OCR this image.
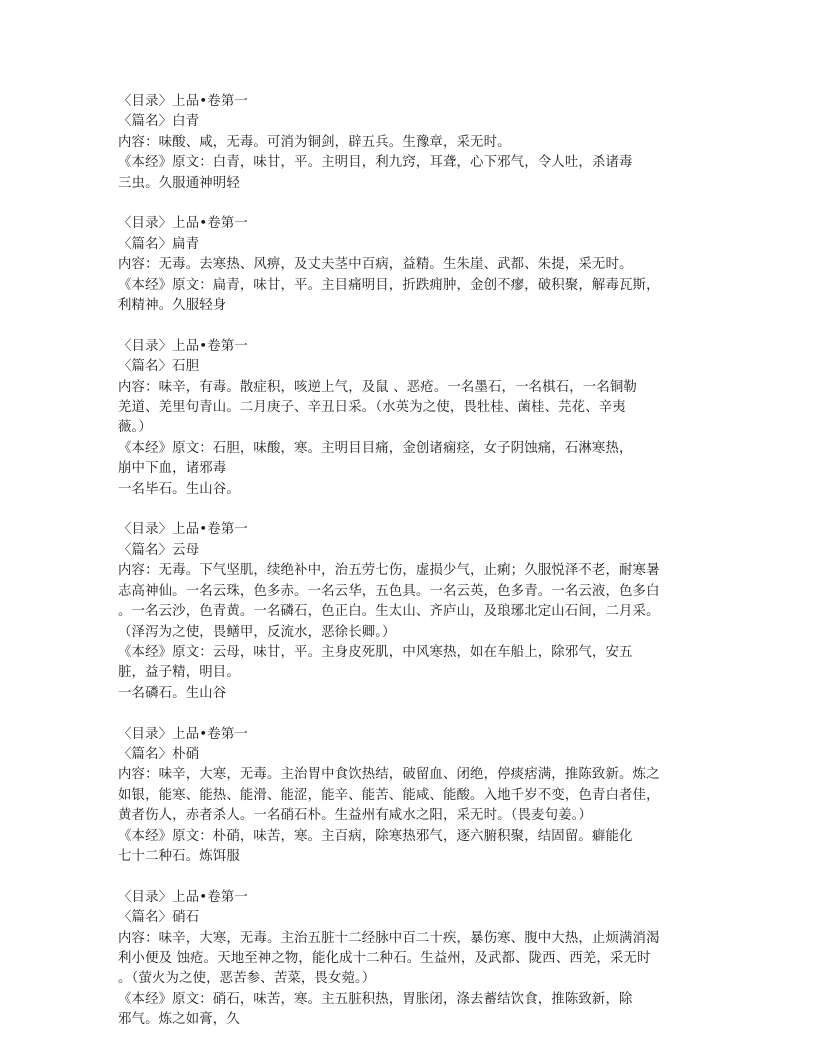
〈目录〉上品•卷第一
〈篇名〉白青
内容：味酸、咸，无毒。可消为铜剑，辟五兵。生豫章，采无时。
《本经》原文：白青，味甘，平。主明目，利九窍，耳聋，心下邪气，令人吐，杀诸毒
三虫。久服通神明轻
〈目录〉上品•卷第一
〈篇名〉扁青
内容：无毒。去寒热、风痹，及丈夫茎中百病，益精。生朱崖、武都、朱提，采无时。
《本经》原文：扁青，味甘，平。主目痛明目，折跌痈肿，金创不瘳，破积聚，解毒瓦斯，
利精神。久服轻身
〈目录〉上品•卷第一
〈篇名〉石胆
内容：味辛，有毒。散症积，咳逆上气，及鼠 、恶疮。一名墨石，一名棋石，一名铜勒
羌道、羌里句青山。二月庚子、辛丑日采。（水英为之使，畏牡桂、菌桂、芫花、辛夷
薇。）
《本经》原文：石胆，味酸，寒。主明目目痛，金创诸痫痉，女子阴蚀痛，石淋寒热，
崩中下血，诸邪毒
一名毕石。生山谷。
〈目录〉上品•卷第一
〈篇名〉云母
内容：无毒。下气坚肌，续绝补中，治五劳七伤，虚损少气，止痢；久服悦泽不老，耐寒暑
志高神仙。一名云珠，色多赤。一名云华，五色具。一名云英，色多青。一名云液，色多白
。一名云沙，色青黄。一名磷石，色正白。生太山、齐庐山，及琅琊北定山石间，二月采。
（泽泻为之使，畏鳝甲，反流水，恶徐长卿。）
《本经》原文：云母，味甘，平。主身皮死肌，中风寒热，如在车船上，除邪气，安五
脏，益子精，明目。
一名磷石。生山谷
〈目录〉上品•卷第一
〈篇名〉朴硝
内容：味辛，大寒，无毒。主治胃中食饮热结，破留血、闭绝，停痰痞满，推陈致新。炼之
如银，能寒、能热、能滑、能涩，能辛、能苦、能咸、能酸。入地千岁不变，色青白者佳，
黄者伤人，赤者杀人。一名硝石朴。生益州有咸水之阳，采无时。（畏麦句姜。）
《本经》原文：朴硝，味苦，寒。主百病，除寒热邪气，逐六腑积聚，结固留。癖能化
七十二种石。炼饵服
〈目录〉上品•卷第一
〈篇名〉硝石
内容：味辛，大寒，无毒。主治五脏十二经脉中百二十疾，暴伤寒、腹中大热，止烦满消渴
利小便及 蚀疮。天地至神之物，能化成十二种石。生益州，及武都、陇西、西羌，采无时
。（萤火为之使，恶苦参、苦菜，畏女菀。）
《本经》原文：硝石，味苦，寒。主五脏积热，胃胀闭，涤去蓄结饮食，推陈致新，除
邪气。炼之如膏，久
